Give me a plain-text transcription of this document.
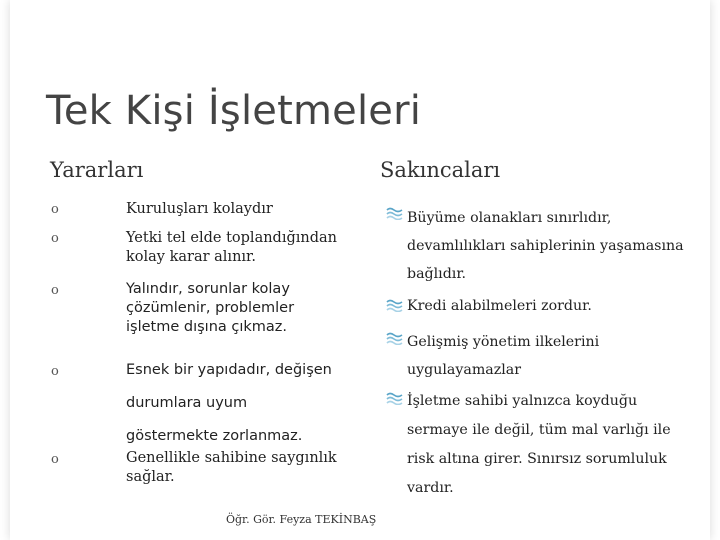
Tek Kişi İşletmeleri
Yararları	Sakıncaları
o	Kuruluşları kolaydır
o	Yetki tel elde toplandığından
kolay karar alınır.
o	Yalındır, sorunlar kolay
çözümlenir, problemler
işletme dışına çıkmaz.
o	Esnek bir yapıdadır, değişen
durumlara uyum
göstermekte zorlanmaz.
o	Genellikle sahibine saygınlık
sağlar.
Büyüme olanakları sınırlıdır,
devamlılıkları sahiplerinin yaşamasına
bağlıdır.
Kredi alabilmeleri zordur.
Gelişmiş yönetim ilkelerini
uygulayamazlar
İşletme sahibi yalnızca koyduğu
sermaye ile değil, tüm mal varlığı ile
risk altına girer. Sınırsız sorumluluk
vardır.
Öğr. Gör. Feyza TEKİNBAŞ
